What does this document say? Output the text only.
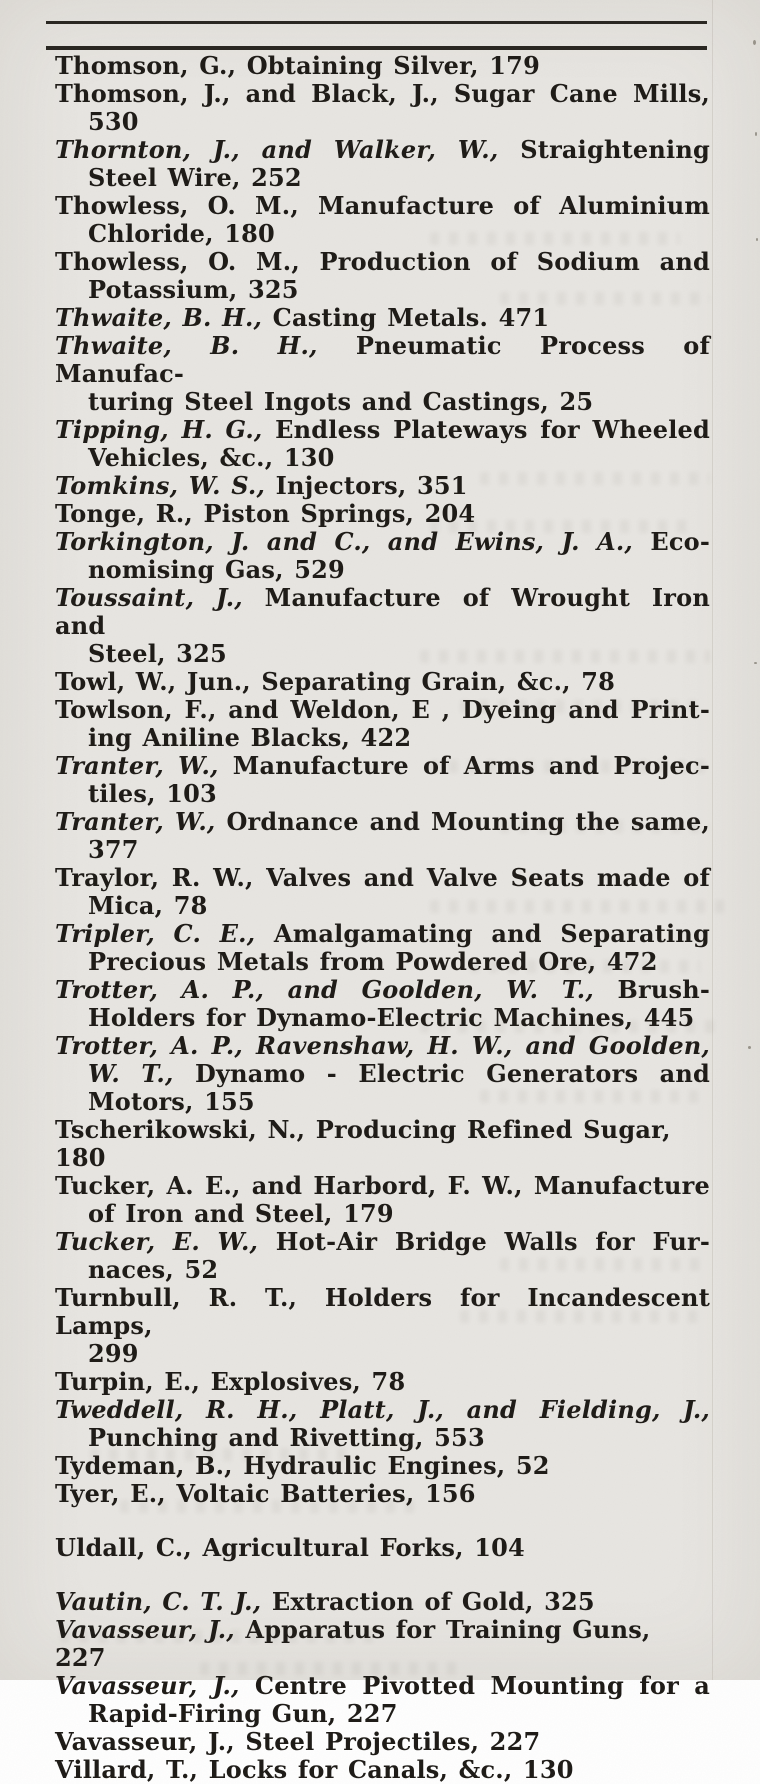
Thomson, G., Obtaining Silver, 179
Thomson, J., and Black, J., Sugar Cane Mills,
530
Thornton, J., and Walker, W., Straightening
Steel Wire, 252
Thowless, O. M., Manufacture of Aluminium
Chloride, 180
Thowless, O. M., Production of Sodium and
Potassium, 325
Thwaite, B. H., Casting Metals. 471
Thwaite, B. H., Pneumatic Process of Manufac-
turing Steel Ingots and Castings, 25
Tipping, H. G., Endless Plateways for Wheeled
Vehicles, &c., 130
Tomkins, W. S., Injectors, 351
Tonge, R., Piston Springs, 204
Torkington, J. and C., and Ewins, J. A., Eco-
nomising Gas, 529
Toussaint, J., Manufacture of Wrought Iron and
Steel, 325
Towl, W., Jun., Separating Grain, &c., 78
Towlson, F., and Weldon, E , Dyeing and Print-
ing Aniline Blacks, 422
Tranter, W., Manufacture of Arms and Projec-
tiles, 103
Tranter, W., Ordnance and Mounting the same,
377
Traylor, R. W., Valves and Valve Seats made of
Mica, 78
Tripler, C. E., Amalgamating and Separating
Precious Metals from Powdered Ore, 472
Trotter, A. P., and Goolden, W. T., Brush-
Holders for Dynamo-Electric Machines, 445
Trotter, A. P., Ravenshaw, H. W., and Goolden,
W. T., Dynamo - Electric Generators and
Motors, 155
Tscherikowski, N., Producing Refined Sugar, 180
Tucker, A. E., and Harbord, F. W., Manufacture
of Iron and Steel, 179
Tucker, E. W., Hot-Air Bridge Walls for Fur-
naces, 52
Turnbull, R. T., Holders for Incandescent Lamps,
299
Turpin, E., Explosives, 78
Tweddell, R. H., Platt, J., and Fielding, J.,
Punching and Rivetting, 553
Tydeman, B., Hydraulic Engines, 52
Tyer, E., Voltaic Batteries, 156
Uldall, C., Agricultural Forks, 104
Vautin, C. T. J., Extraction of Gold, 325
Vavasseur, J., Apparatus for Training Guns, 227
Vavasseur, J., Centre Pivotted Mounting for a
Rapid-Firing Gun, 227
Vavasseur, J., Steel Projectiles, 227
Villard, T., Locks for Canals, &c., 130
